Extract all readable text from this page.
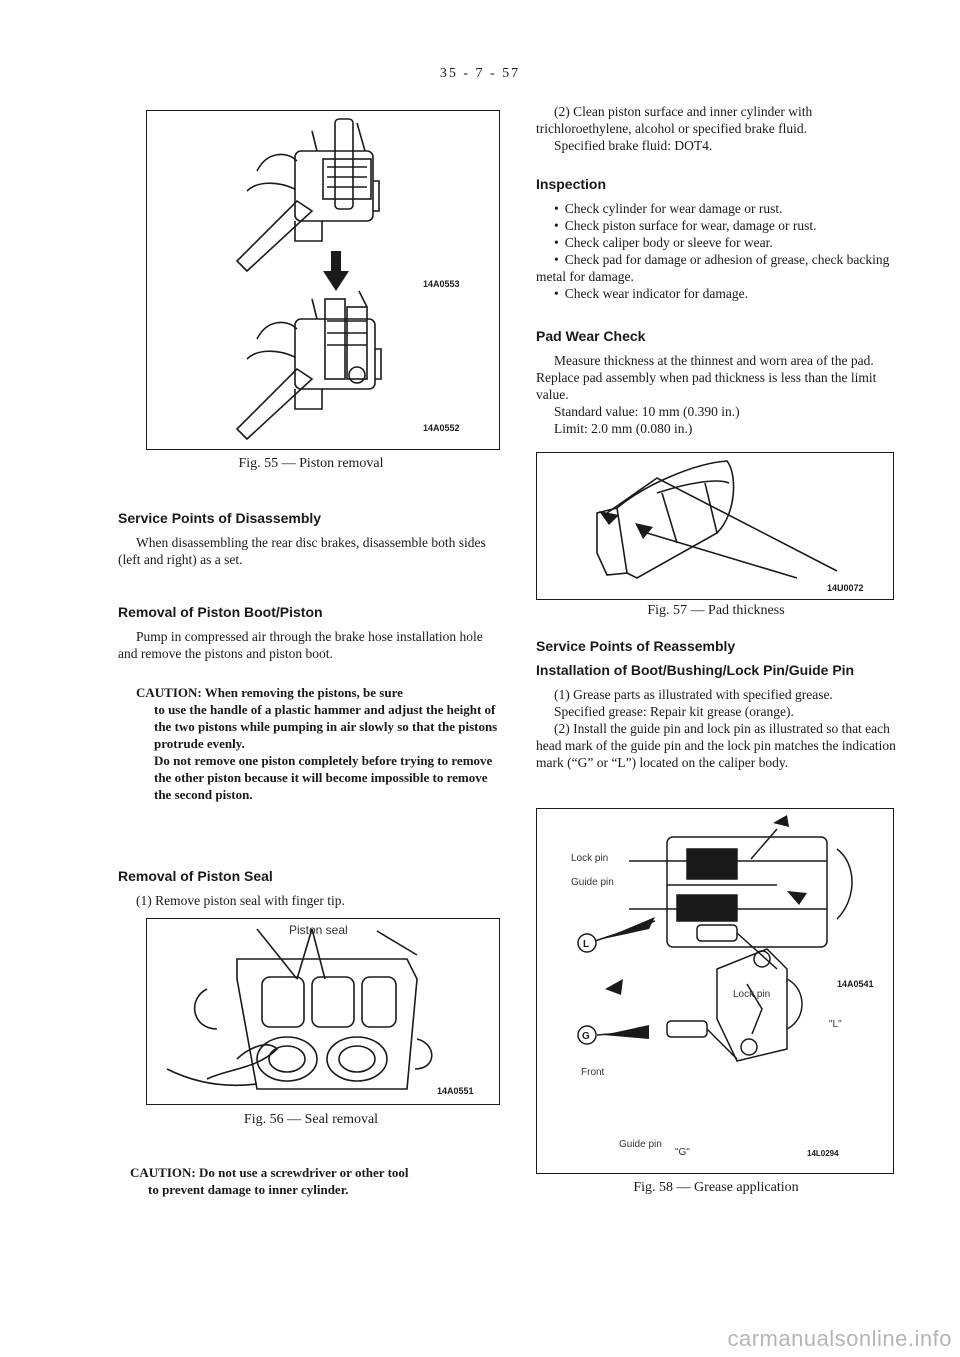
35 - 7 - 57
14A0553
14A0552
Fig. 55 — Piston removal
Service Points of Disassembly

When disassembling the rear disc brakes, disassemble both sides (left and right) as a set.

Removal of Piston Boot/Piston

Pump in compressed air through the brake hose installation hole and remove the pistons and piston boot.

CAUTION: When removing the pistons, be sure
to use the handle of a plastic hammer and adjust the height of the two pistons while pumping in air slowly so that the pistons protrude evenly.
Do not remove one piston completely before trying to remove the other piston because it will become impossible to remove the second piston.
Removal of Piston Seal

(1) Remove piston seal with finger tip.

Piston seal
14A0551
Fig. 56 — Seal removal
CAUTION: Do not use a screwdriver or other tool
to prevent damage to inner cylinder.

(2) Clean piston surface and inner cylinder with trichloroethylene, alcohol or specified brake fluid.

Specified brake fluid: DOT4.

Inspection
• Check cylinder for wear damage or rust.
• Check piston surface for wear, damage or rust.
• Check caliper body or sleeve for wear.
• Check pad for damage or adhesion of grease, check backing metal for damage.
• Check wear indicator for damage.
Pad Wear Check

Measure thickness at the thinnest and worn area of the pad. Replace pad assembly when pad thickness is less than the limit value.

Standard value: 10 mm (0.390 in.)

Limit: 2.0 mm (0.080 in.)

14U0072
Fig. 57 — Pad thickness
Service Points of Reassembly
Installation of Boot/Bushing/Lock Pin/Guide Pin

(1) Grease parts as illustrated with specified grease.

Specified grease: Repair kit grease (orange).

(2) Install the guide pin and lock pin as illustrated so that each head mark of the guide pin and the lock pin matches the indication mark (“G” or “L”) located on the caliper body.

L
G
Lock pin
Guide pin
14A0541
Lock pin
"L"
Front
Guide pin
"G"	14L0294
Fig. 58 — Grease application
carmanualsonline.info
